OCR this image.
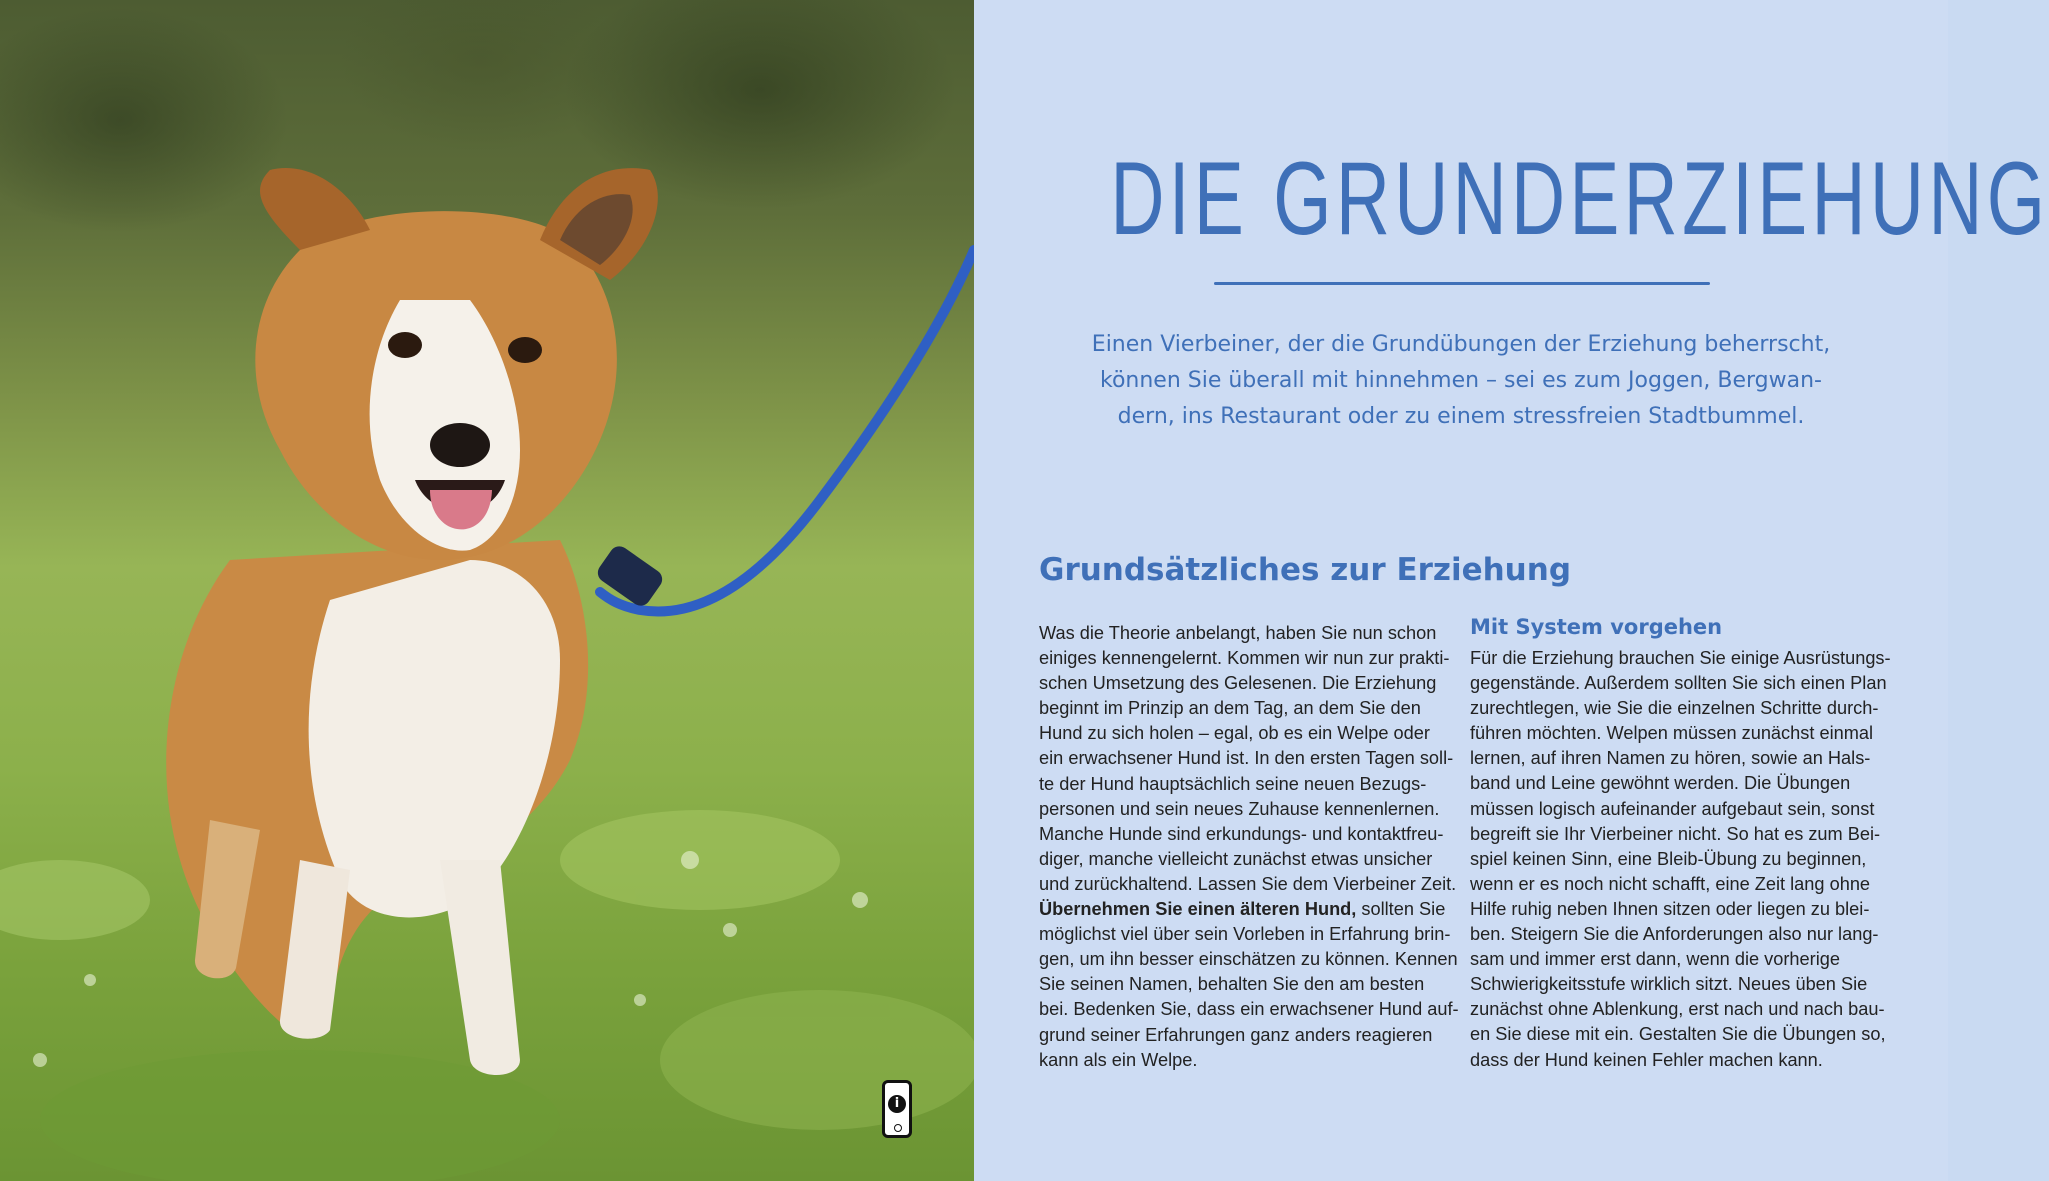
i
DIE GRUNDERZIEHUNG

Einen Vierbeiner, der die Grundübungen der Erziehung beherrscht,
können Sie überall mit hinnehmen – sei es zum Joggen, Bergwan-
dern, ins Restaurant oder zu einem stressfreien Stadtbummel.

Grundsätzliches zur Erziehung
Was die Theorie anbelangt, haben Sie nun schon
einiges kennengelernt. Kommen wir nun zur prakti-
schen Umsetzung des Gelesenen. Die Erziehung
beginnt im Prinzip an dem Tag, an dem Sie den
Hund zu sich holen – egal, ob es ein Welpe oder
ein erwachsener Hund ist. In den ersten Tagen soll-
te der Hund hauptsächlich seine neuen Bezugs-
personen und sein neues Zuhause kennenlernen.
Manche Hunde sind erkundungs- und kontaktfreu-
diger, manche vielleicht zunächst etwas unsicher
und zurückhaltend. Lassen Sie dem Vierbeiner Zeit.
Übernehmen Sie einen älteren Hund, sollten Sie
möglichst viel über sein Vorleben in Erfahrung brin-
gen, um ihn besser einschätzen zu können. Kennen
Sie seinen Namen, behalten Sie den am besten
bei. Bedenken Sie, dass ein erwachsener Hund auf-
grund seiner Erfahrungen ganz anders reagieren
kann als ein Welpe.
Mit System vorgehen
Für die Erziehung brauchen Sie einige Ausrüstungs-
gegenstände. Außerdem sollten Sie sich einen Plan
zurechtlegen, wie Sie die einzelnen Schritte durch-
führen möchten. Welpen müssen zunächst einmal
lernen, auf ihren Namen zu hören, sowie an Hals-
band und Leine gewöhnt werden. Die Übungen
müssen logisch aufeinander aufgebaut sein, sonst
begreift sie Ihr Vierbeiner nicht. So hat es zum Bei-
spiel keinen Sinn, eine Bleib-Übung zu beginnen,
wenn er es noch nicht schafft, eine Zeit lang ohne
Hilfe ruhig neben Ihnen sitzen oder liegen zu blei-
ben. Steigern Sie die Anforderungen also nur lang-
sam und immer erst dann, wenn die vorherige
Schwierigkeitsstufe wirklich sitzt. Neues üben Sie
zunächst ohne Ablenkung, erst nach und nach bau-
en Sie diese mit ein. Gestalten Sie die Übungen so,
dass der Hund keinen Fehler machen kann.
